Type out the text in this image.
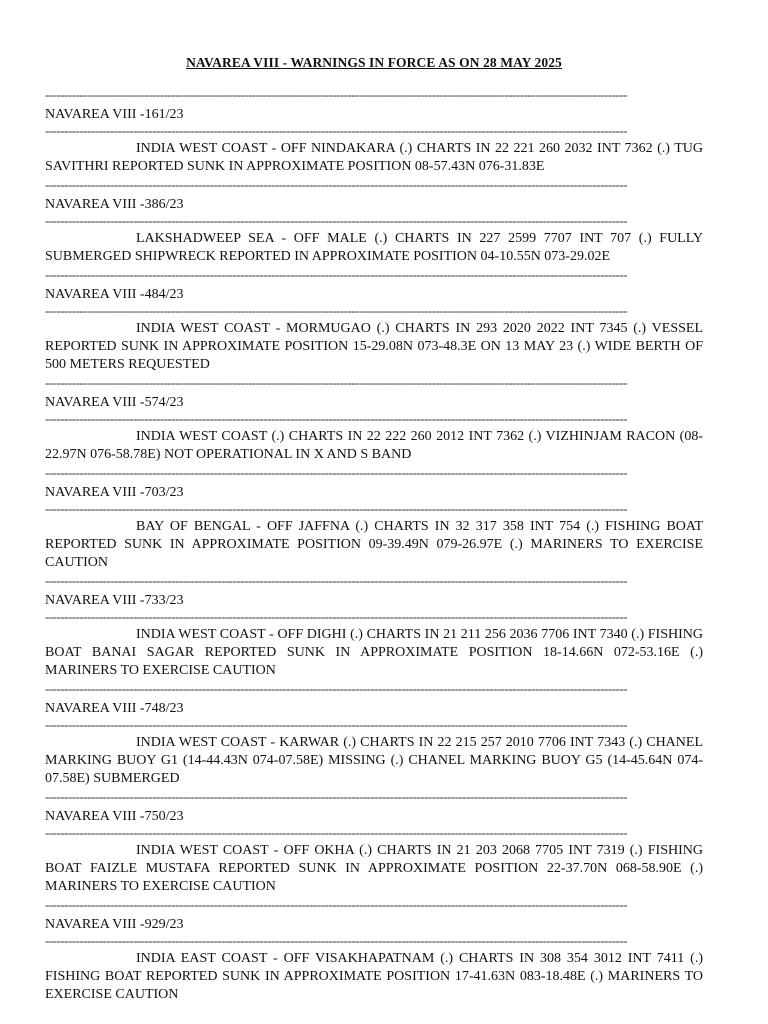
NAVAREA VIII - WARNINGS IN FORCE AS ON 28 MAY 2025
--------------------------------------------------------------------------------------------------------------------------------------------------------
NAVAREA VIII -161/23
--------------------------------------------------------------------------------------------------------------------------------------------------------
INDIA WEST COAST - OFF NINDAKARA (.) CHARTS IN 22 221 260 2032 INT 7362 (.) TUG SAVITHRI REPORTED SUNK IN APPROXIMATE POSITION 08-57.43N 076-31.83E
--------------------------------------------------------------------------------------------------------------------------------------------------------
NAVAREA VIII -386/23
--------------------------------------------------------------------------------------------------------------------------------------------------------
LAKSHADWEEP SEA - OFF MALE (.) CHARTS IN 227 2599 7707 INT 707 (.) FULLY SUBMERGED SHIPWRECK REPORTED IN APPROXIMATE POSITION 04-10.55N 073-29.02E
--------------------------------------------------------------------------------------------------------------------------------------------------------
NAVAREA VIII -484/23
--------------------------------------------------------------------------------------------------------------------------------------------------------
INDIA WEST COAST - MORMUGAO (.) CHARTS IN 293 2020 2022 INT 7345 (.) VESSEL REPORTED SUNK IN APPROXIMATE POSITION 15-29.08N 073-48.3E ON 13 MAY 23 (.) WIDE BERTH OF 500 METERS REQUESTED
--------------------------------------------------------------------------------------------------------------------------------------------------------
NAVAREA VIII -574/23
--------------------------------------------------------------------------------------------------------------------------------------------------------
INDIA WEST COAST (.) CHARTS IN 22 222 260 2012 INT 7362 (.) VIZHINJAM RACON (08-22.97N 076-58.78E) NOT OPERATIONAL IN X AND S BAND
--------------------------------------------------------------------------------------------------------------------------------------------------------
NAVAREA VIII -703/23
--------------------------------------------------------------------------------------------------------------------------------------------------------
BAY OF BENGAL - OFF JAFFNA (.) CHARTS IN 32 317 358 INT 754 (.) FISHING BOAT REPORTED SUNK IN APPROXIMATE POSITION 09-39.49N 079-26.97E (.) MARINERS TO EXERCISE CAUTION
--------------------------------------------------------------------------------------------------------------------------------------------------------
NAVAREA VIII -733/23
--------------------------------------------------------------------------------------------------------------------------------------------------------
INDIA WEST COAST - OFF DIGHI (.) CHARTS IN 21 211 256 2036 7706 INT 7340 (.) FISHING BOAT BANAI SAGAR REPORTED SUNK IN APPROXIMATE POSITION 18-14.66N 072-53.16E (.) MARINERS TO EXERCISE CAUTION
--------------------------------------------------------------------------------------------------------------------------------------------------------
NAVAREA VIII -748/23
--------------------------------------------------------------------------------------------------------------------------------------------------------
INDIA WEST COAST - KARWAR (.) CHARTS IN 22 215 257 2010 7706 INT 7343 (.) CHANEL MARKING BUOY G1 (14-44.43N 074-07.58E) MISSING (.) CHANEL MARKING BUOY G5 (14-45.64N 074-07.58E) SUBMERGED
--------------------------------------------------------------------------------------------------------------------------------------------------------
NAVAREA VIII -750/23
--------------------------------------------------------------------------------------------------------------------------------------------------------
INDIA WEST COAST - OFF OKHA (.) CHARTS IN 21 203 2068 7705 INT 7319 (.) FISHING BOAT FAIZLE MUSTAFA REPORTED SUNK IN APPROXIMATE POSITION 22-37.70N 068-58.90E (.) MARINERS TO EXERCISE CAUTION
--------------------------------------------------------------------------------------------------------------------------------------------------------
NAVAREA VIII -929/23
--------------------------------------------------------------------------------------------------------------------------------------------------------
INDIA EAST COAST - OFF VISAKHAPATNAM (.) CHARTS IN 308 354 3012 INT 7411 (.) FISHING BOAT REPORTED SUNK IN APPROXIMATE POSITION 17-41.63N 083-18.48E (.) MARINERS TO EXERCISE CAUTION
